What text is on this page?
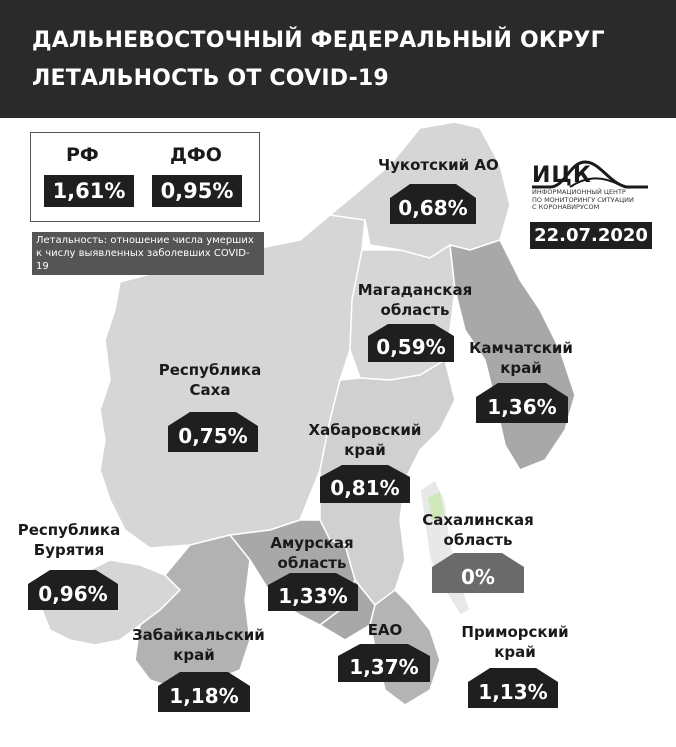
ДАЛЬНЕВОСТОЧНЫЙ ФЕДЕРАЛЬНЫЙ ОКРУГ
ЛЕТАЛЬНОСТЬ ОТ COVID-19
РФ	ДФО
1,61%	0,95%
Летальность: отношение числа умерших
к числу выявленных заболевших COVID-19
ИЦК
ИНФОРМАЦИОННЫЙ ЦЕНТР
ПО МОНИТОРИНГУ СИТУАЦИИ
С КОРОНАВИРУСОМ
22.07.2020
Чукотский АО
0,68%
Магаданская
область
0,59%	Камчатский
край
1,36%
Республика
Саха
0,75%	Хабаровский
край
0,81%
Сахалинская
область
0%
Республика
Бурятия
0,96%
Амурская
область
1,33%
Забайкальский
край
1,18%
ЕАО
1,37%
Приморский
край
1,13%
